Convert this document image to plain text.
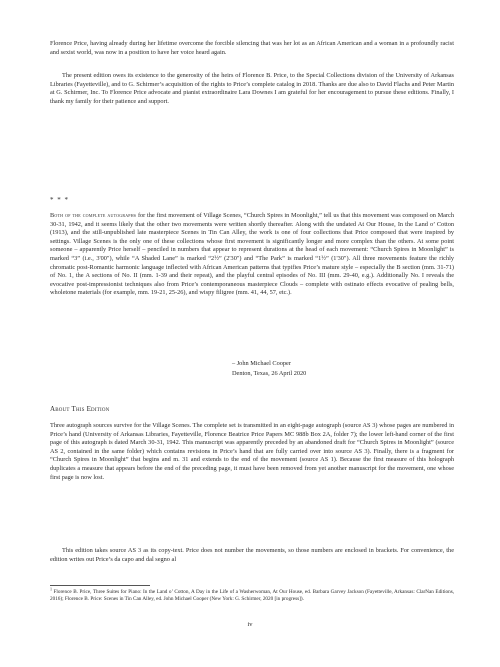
Florence Price, having already during her lifetime overcome the forcible silencing that was her lot as an African American and a woman in a profoundly racist and sexist world, was now in a position to have her voice heard again.

The present edition owes its existence to the generosity of the heirs of Florence B. Price, to the Special Collections division of the University of Arkansas Libraries (Fayetteville), and to G. Schirmer’s acquisition of the rights to Price’s complete catalog in 2018. Thanks are due also to David Flachs and Peter Martin at G. Schirmer, Inc. To Florence Price advocate and pianist extraordinaire Lara Downes I am grateful for her encouragement to pursue these editions. Finally, I thank my family for their patience and support.

* * *

Both of the complete autographs for the first movement of Village Scenes, “Church Spires in Moonlight,” tell us that this movement was composed on March 30-31, 1942, and it seems likely that the other two movements were written shortly thereafter. Along with the undated At Our House, In the Land o’ Cotton (1913), and the still-unpublished late masterpiece Scenes in Tin Can Alley, the work is one of four collections that Price composed that were inspired by settings. Village Scenes is the only one of these collections whose first movement is significantly longer and more complex than the others. At some point someone – apparently Price herself – penciled in numbers that appear to represent durations at the head of each movement: “Church Spires in Moonlight” is marked “3” (i.e., 3'00"), while “A Shaded Lane” is marked “2½” (2'30") and “The Park” is marked “1½” (1'30"). All three movements feature the richly chromatic post-Romantic harmonic language inflected with African American patterns that typifies Price’s mature style – especially the B section (mm. 31-71) of No. 1, the A sections of No. II (mm. 1-39 and their repeat), and the playful central episodes of No. III (mm. 29-40, e.g.). Additionally No. I reveals the evocative post-impressionist techniques also from Price’s contemporaneous masterpiece Clouds – complete with ostinato effects evocative of pealing bells, wholetone materials (for example, mm. 19-21, 25-26), and wispy filigree (mm. 41, 44, 57, etc.).

– John Michael Cooper

Denton, Texas, 26 April 2020

About This Edition

Three autograph sources survive for the Village Scenes. The complete set is transmitted in an eight-page autograph (source AS 3) whose pages are numbered in Price’s hand (University of Arkansas Libraries, Fayetteville, Florence Beatrice Price Papers MC 988b Box 2A, folder 7); the lower left-hand corner of the first page of this autograph is dated March 30-31, 1942. This manuscript was apparently preceded by an abandoned draft for “Church Spires in Moonlight” (source AS 2, contained in the same folder) which contains revisions in Price’s hand that are fully carried over into source AS 3). Finally, there is a fragment for “Church Spires in Moonlight” that begins and m. 31 and extends to the end of the movement (source AS 1). Because the first measure of this holograph duplicates a measure that appears before the end of the preceding page, it must have been removed from yet another manuscript for the movement, one whose first page is now lost.

This edition takes source AS 3 as its copy-text. Price does not number the movements, so those numbers are enclosed in brackets. For convenience, the edition writes out Price’s da capo and dal segno al

$^1$ Florence B. Price, Three Suites for Piano: In the Land o’ Cotton, A Day in the Life of a Washerwoman, At Our House, ed. Barbara Garvey Jackson (Fayetteville, Arkansas: ClarNan Editions, 2016); Florence B. Price: Scenes in Tin Can Alley, ed. John Michael Cooper (New York: G. Schirmer, 2020 [in progress]).

iv
